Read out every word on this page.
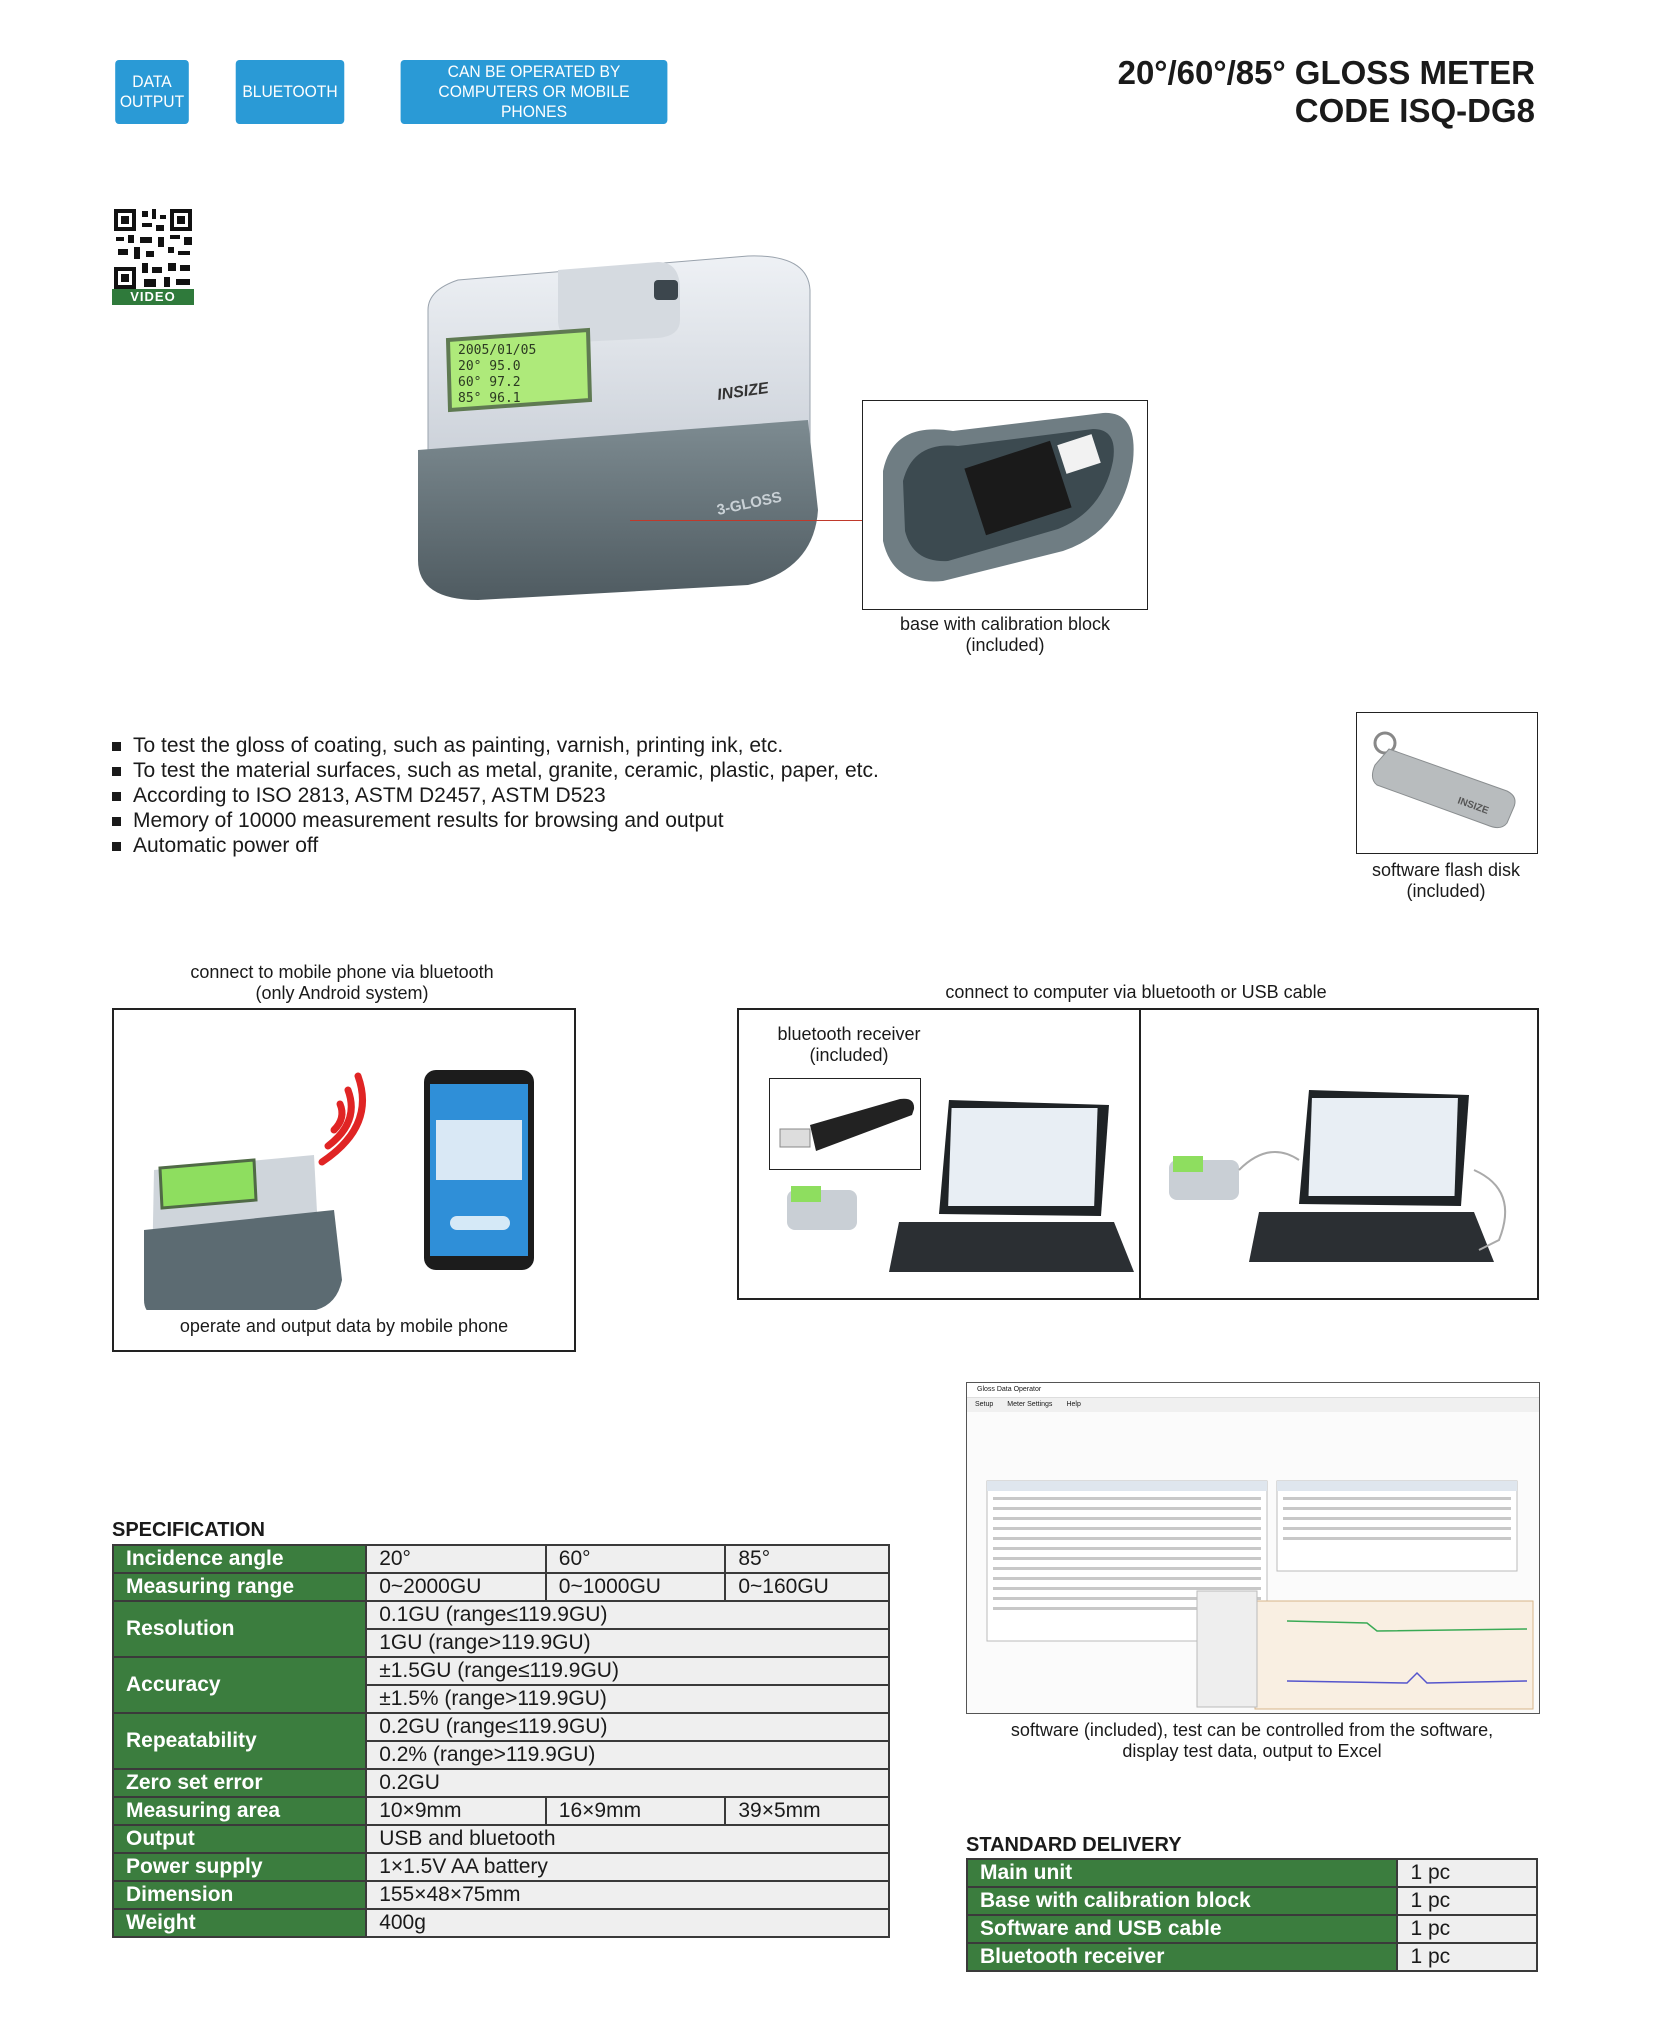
DATA OUTPUT
BLUETOOTH
CAN BE OPERATED BY COMPUTERS OR MOBILE PHONES
20°/60°/85° GLOSS METER
CODE ISQ-DG8
VIDEO
2005/01/05
20° 95.0
60° 97.2
85° 96.1	INSIZE
3-GLOSS
base with calibration block
(included)
To test the gloss of coating, such as painting, varnish, printing ink, etc.
To test the material surfaces, such as metal, granite, ceramic, plastic, paper, etc.
According to ISO 2813, ASTM D2457, ASTM D523
Memory of 10000 measurement results for browsing and output
Automatic power off
INSIZE
software flash disk
(included)
connect to mobile phone via bluetooth
(only Android system)
operate and output data by mobile phone
connect to computer via bluetooth or USB cable
bluetooth receiver
(included)
Gloss Data Operator
Setup Meter Settings Help
software (included), test can be controlled from the software,
display test data, output to Excel
SPECIFICATION
Incidence angle	20°	60°	85°
Measuring range	0~2000GU	0~1000GU	0~160GU
Resolution	0.1GU (range≤119.9GU)		
	1GU (range>119.9GU)		
Accuracy	±1.5GU (range≤119.9GU)		
	±1.5% (range>119.9GU)		
Repeatability	0.2GU (range≤119.9GU)		
	0.2% (range>119.9GU)		
Zero set error	0.2GU		
Measuring area	10×9mm	16×9mm	39×5mm
Output	USB and bluetooth		
Power supply	1×1.5V AA battery		
Dimension	155×48×75mm		
Weight	400g		
STANDARD DELIVERY
Main unit	1 pc
Base with calibration block	1 pc
Software and USB cable	1 pc
Bluetooth receiver	1 pc
